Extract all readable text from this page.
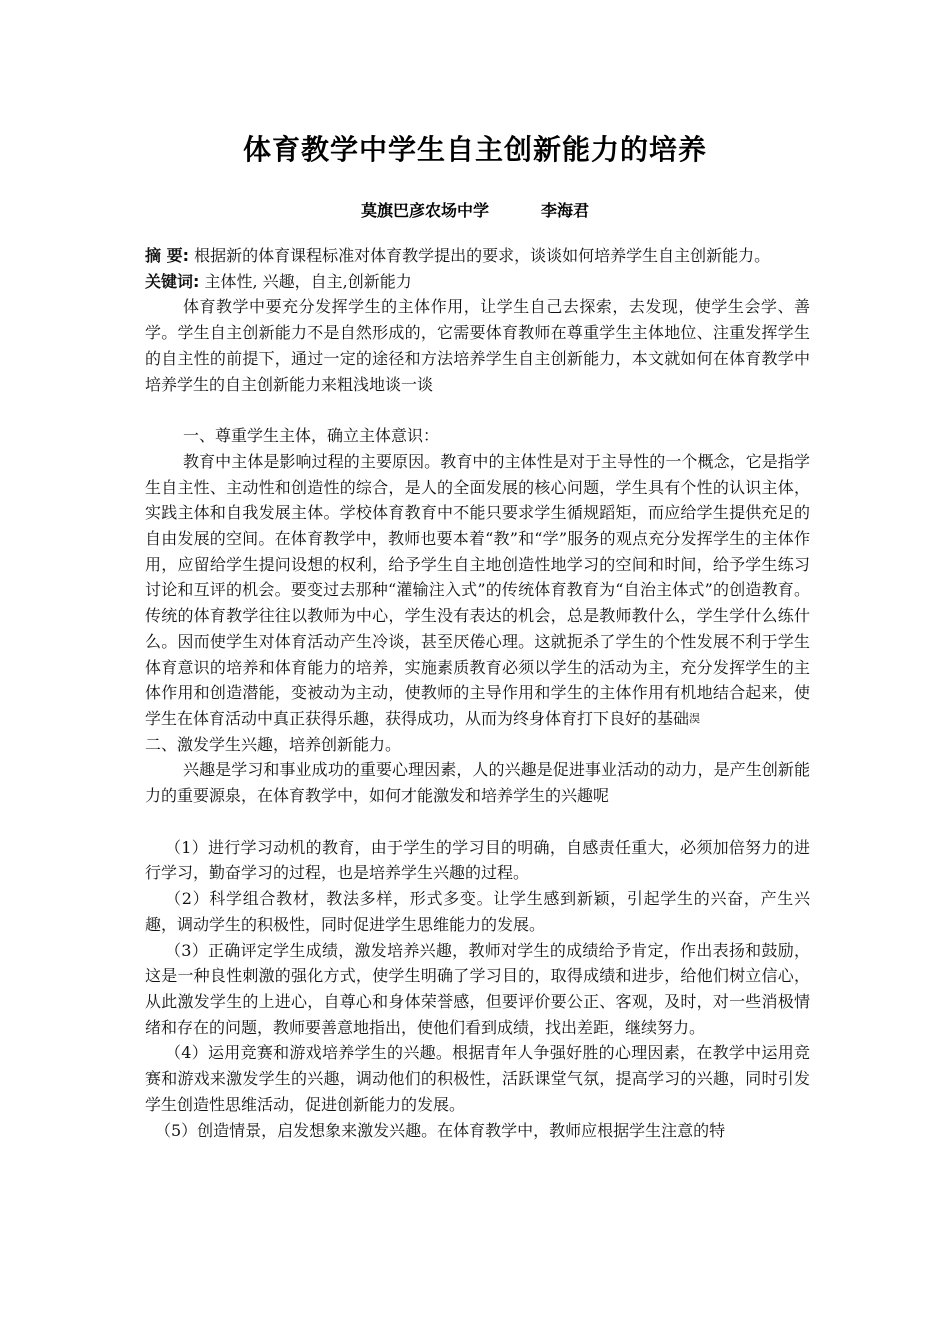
体育教学中学生自主创新能力的培养
莫旗巴彦农场中学	李海君

摘 要: 根据新的体育课程标准对体育教学提出的要求，谈谈如何培养学生自主创新能力。

关键词: 主体性, 兴趣，自主,创新能力

体育教学中要充分发挥学生的主体作用，让学生自己去探索，去发现，使学生会学、善学。学生自主创新能力不是自然形成的，它需要体育教师在尊重学生主体地位、注重发挥学生的自主性的前提下，通过一定的途径和方法培养学生自主创新能力，本文就如何在体育教学中培养学生的自主创新能力来粗浅地谈一谈

一、尊重学生主体，确立主体意识：

教育中主体是影响过程的主要原因。教育中的主体性是对于主导性的一个概念，它是指学生自主性、主动性和创造性的综合，是人的全面发展的核心问题，学生具有个性的认识主体，实践主体和自我发展主体。学校体育教育中不能只要求学生循规蹈矩，而应给学生提供充足的自由发展的空间。在体育教学中，教师也要本着“教”和“学”服务的观点充分发挥学生的主体作用，应留给学生提问设想的权利，给予学生自主地创造性地学习的空间和时间，给予学生练习讨论和互评的机会。要变过去那种“灌输注入式”的传统体育教育为“自治主体式”的创造教育。传统的体育教学往往以教师为中心，学生没有表达的机会，总是教师教什么，学生学什么练什么。因而使学生对体育活动产生冷谈，甚至厌倦心理。这就扼杀了学生的个性发展不利于学生体育意识的培养和体育能力的培养，实施素质教育必须以学生的活动为主，充分发挥学生的主体作用和创造潜能，变被动为主动，使教师的主导作用和学生的主体作用有机地结合起来，使学生在体育活动中真正获得乐趣，获得成功，从而为终身体育打下良好的基础$^淏$

二、激发学生兴趣，培养创新能力。

兴趣是学习和事业成功的重要心理因素，人的兴趣是促进事业活动的动力，是产生创新能力的重要源泉，在体育教学中，如何才能激发和培养学生的兴趣呢

（1）进行学习动机的教育，由于学生的学习目的明确，自感责任重大，必须加倍努力的进行学习，勤奋学习的过程，也是培养学生兴趣的过程。

（2）科学组合教材，教法多样，形式多变。让学生感到新颖，引起学生的兴奋，产生兴趣，调动学生的积极性，同时促进学生思维能力的发展。

（3）正确评定学生成绩，激发培养兴趣，教师对学生的成绩给予肯定，作出表扬和鼓励，这是一种良性刺激的强化方式，使学生明确了学习目的，取得成绩和进步，给他们树立信心，从此激发学生的上进心，自尊心和身体荣誉感，但要评价要公正、客观，及时，对一些消极情绪和存在的问题，教师要善意地指出，使他们看到成绩，找出差距，继续努力。

（4）运用竞赛和游戏培养学生的兴趣。根据青年人争强好胜的心理因素，在教学中运用竞赛和游戏来激发学生的兴趣，调动他们的积极性，活跃课堂气氛，提高学习的兴趣，同时引发学生创造性思维活动，促进创新能力的发展。

（5）创造情景，启发想象来激发兴趣。在体育教学中，教师应根据学生注意的特
